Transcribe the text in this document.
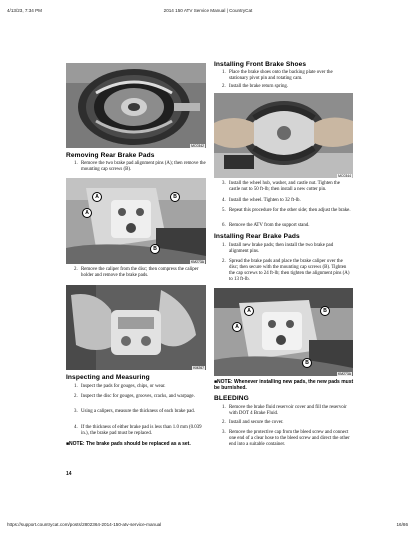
4/13/23, 7:34 PM	2014 150 ATV Service Manual | CountryCat
MC0342
Removing Rear Brake Pads
1. Remove the two brake pad alignment pins (A); then remove the mounting cap screws (B).
A
A
B
B
KM273A
2. Remove the caliper from the disc; then compress the caliper holder and remove the brake pads.
KM267
Inspecting and Measuring
1. Inspect the pads for gouges, chips, or wear.
2. Inspect the disc for gouges, grooves, cracks, and warpage.
3. Using a calipers, measure the thickness of each brake pad.
4. If the thickness of either brake pad is less than 1.0 mm (0.039 in.), the brake pad must be replaced.
■NOTE: The brake pads should be replaced as a set.
14
Installing Front Brake Shoes
1. Place the brake shoes onto the backing plate over the stationary pivot pin and rotating cam.
2. Install the brake return spring.
MC0344
3. Install the wheel hub, washer, and castle nut. Tighten the castle nut to 50 ft-lb; then install a new cotter pin.
4. Install the wheel. Tighten to 32 ft-lb.
5. Repeat this procedure for the other side; then adjust the brake.
6. Remove the ATV from the support stand.
Installing Rear Brake Pads
1. Install new brake pads; then install the two brake pad alignment pins.
2. Spread the brake pads and place the brake caliper over the disc; then secure with the mounting cap screws (B). Tighten the cap screws to 24 ft-lb; then tighten the alignment pins (A) to 13 ft-lb.
A
A
B
B
KM273A
■NOTE: Whenever installing new pads, the new pads must be burnished.
BLEEDING
1. Remove the brake fluid reservoir cover and fill the reservoir with DOT 4 Brake Fluid.
2. Install and secure the cover.
3. Remove the protective cap from the bleed screw and connect one end of a clear hose to the bleed screw and direct the other end into a suitable container.
https://support.countrycat.com/posts/2802364-2014-150-atv-service-manual	16/86
